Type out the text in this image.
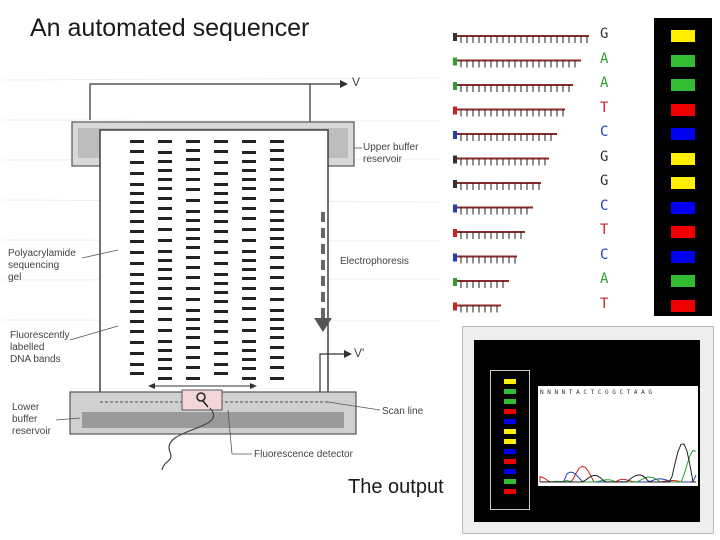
An automated sequencer
V
V'
Upper buffer
reservoir
Polyacrylamide
sequencing
gel
Electrophoresis
Fluorescently
labelled
DNA bands
Lower
buffer
reservoir
Scan line
Fluorescence detector
G
A
A
T
C
G
G
C
T
C
A
T
N N N N T A C T C G G C T A A G
The output
